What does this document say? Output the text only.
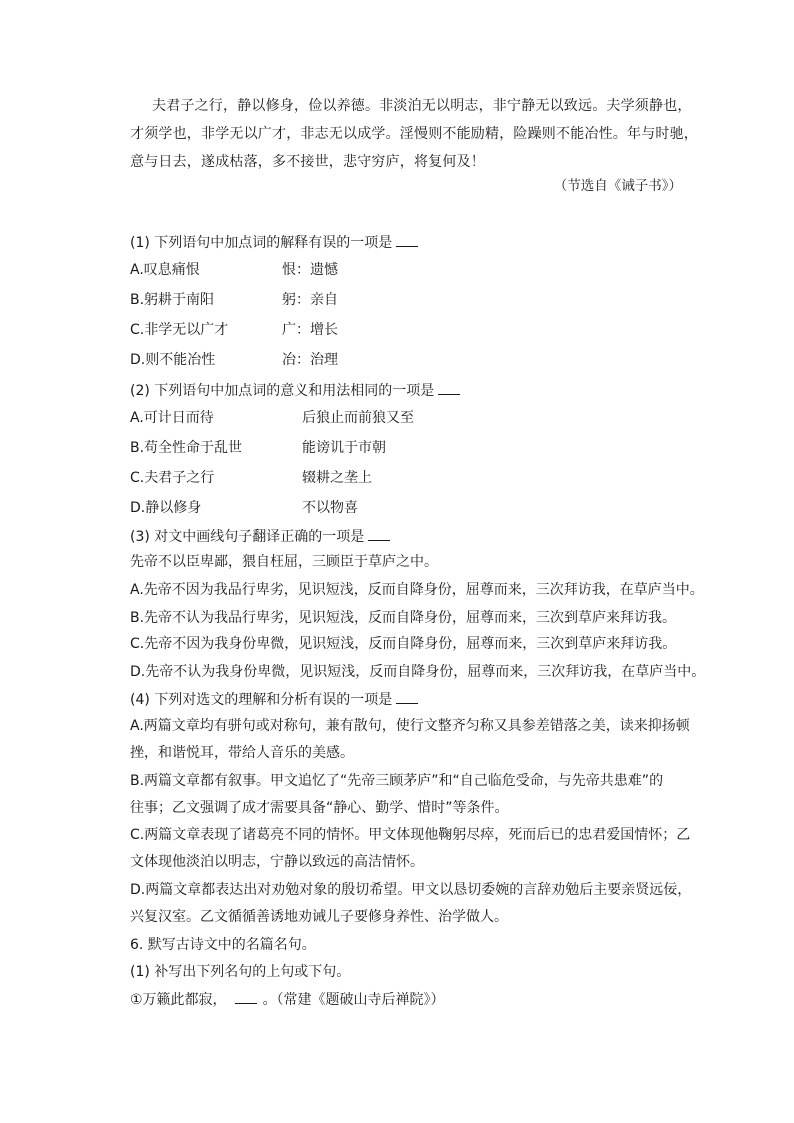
夫君子之行，静以修身，俭以养德。非淡泊无以明志，非宁静无以致远。夫学须静也，
才须学也，非学无以广才，非志无以成学。淫慢则不能励精，险躁则不能冶性。年与时驰，
意与日去，遂成枯落，多不接世，悲守穷庐，将复何及！

（节选自《诫子书》）

(1) 下列语句中加点词的解释有误的一项是

A.叹息痛恨	恨：遗憾

B.躬耕于南阳	躬：亲自

C.非学无以广才	广：增长

D.则不能冶性	冶：治理

(2) 下列语句中加点词的意义和用法相同的一项是

A.可计日而待	后狼止而前狼又至

B.苟全性命于乱世	能谤讥于市朝

C.夫君子之行	辍耕之垄上

D.静以修身	不以物喜

(3) 对文中画线句子翻译正确的一项是

先帝不以臣卑鄙，猥自枉屈，三顾臣于草庐之中。

A.先帝不因为我品行卑劣，见识短浅，反而自降身份，屈尊而来，三次拜访我，在草庐当中。

B.先帝不认为我品行卑劣，见识短浅，反而自降身份，屈尊而来，三次到草庐来拜访我。

C.先帝不因为我身份卑微，见识短浅，反而自降身份，屈尊而来，三次到草庐来拜访我。

D.先帝不认为我身份卑微，见识短浅，反而自降身份，屈尊而来，三次拜访我，在草庐当中。

(4) 下列对选文的理解和分析有误的一项是

A.两篇文章均有骈句或对称句，兼有散句，使行文整齐匀称又具参差错落之美，读来抑扬顿

挫，和谐悦耳，带给人音乐的美感。

B.两篇文章都有叙事。甲文追忆了“先帝三顾茅庐”和“自己临危受命，与先帝共患难”的

往事；乙文强调了成才需要具备“静心、勤学、惜时”等条件。

C.两篇文章表现了诸葛亮不同的情怀。甲文体现他鞠躬尽瘁，死而后已的忠君爱国情怀；乙

文体现他淡泊以明志，宁静以致远的高洁情怀。

D.两篇文章都表达出对劝勉对象的殷切希望。甲文以恳切委婉的言辞劝勉后主要亲贤远佞，

兴复汉室。乙文循循善诱地劝诫儿子要修身养性、治学做人。

6. 默写古诗文中的名篇名句。

(1) 补写出下列名句的上句或下句。

①万籁此都寂，	。（常建《题破山寺后禅院》）
